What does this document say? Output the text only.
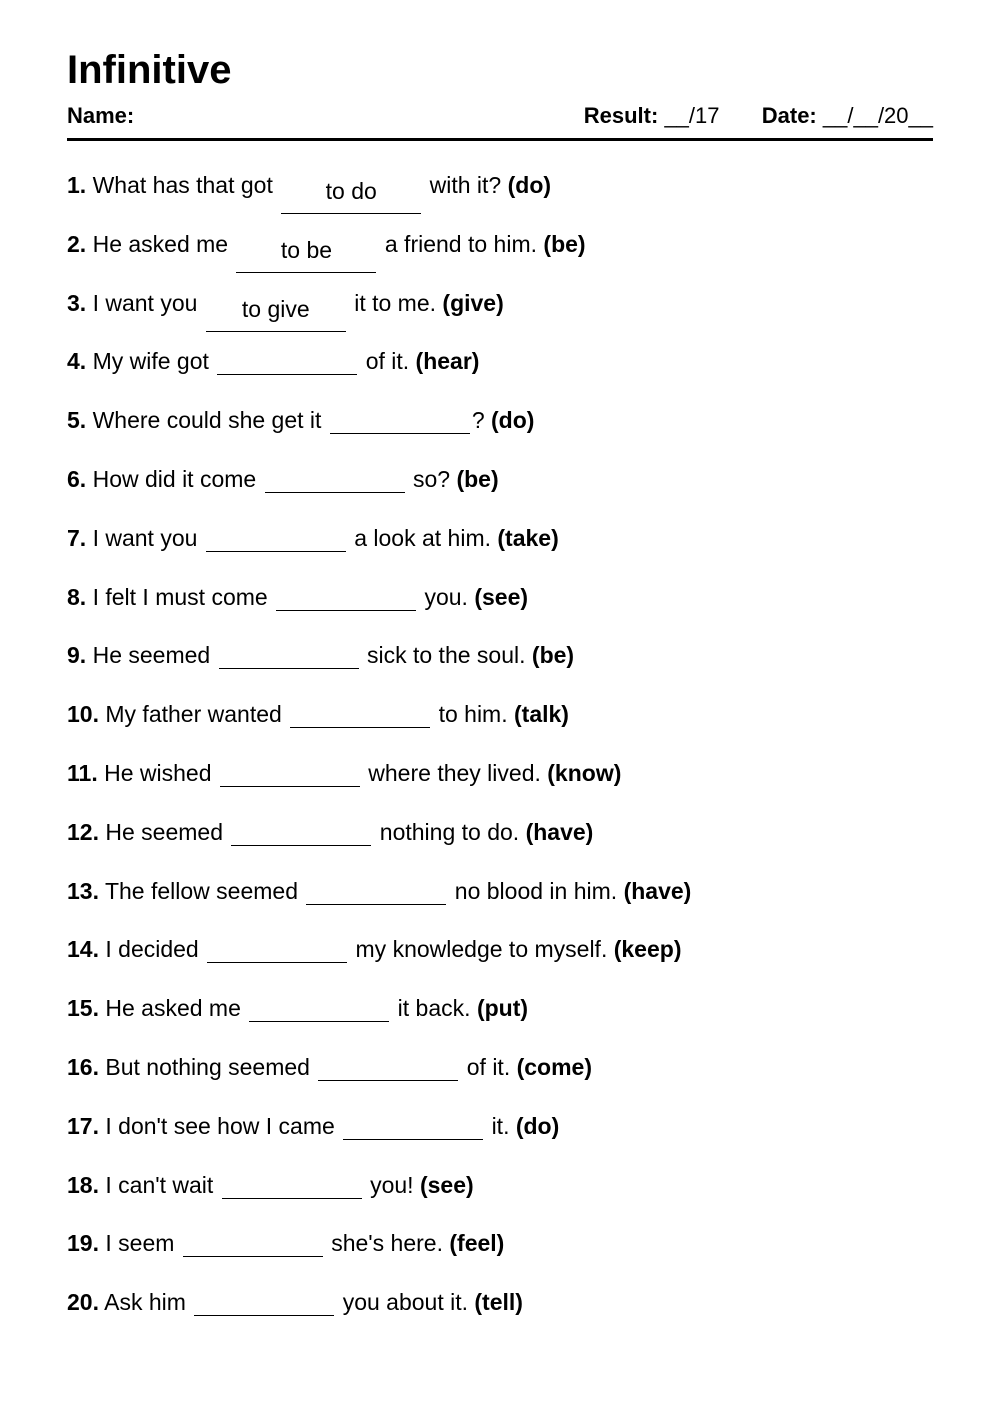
Infinitive
Name:	Result: __/17 Date: __/__/20__
1. What has that got to do with it? (do)
2. He asked me to be a friend to him. (be)
3. I want you to give it to me. (give)
4. My wife got	of it. (hear)
5. Where could she get it	? (do)
6. How did it come	so? (be)
7. I want you	a look at him. (take)
8. I felt I must come	you. (see)
9. He seemed	sick to the soul. (be)
10. My father wanted	to him. (talk)
11. He wished	where they lived. (know)
12. He seemed	nothing to do. (have)
13. The fellow seemed	no blood in him. (have)
14. I decided	my knowledge to myself. (keep)
15. He asked me	it back. (put)
16. But nothing seemed	of it. (come)
17. I don't see how I came	it. (do)
18. I can't wait	you! (see)
19. I seem	she's here. (feel)
20. Ask him	you about it. (tell)
